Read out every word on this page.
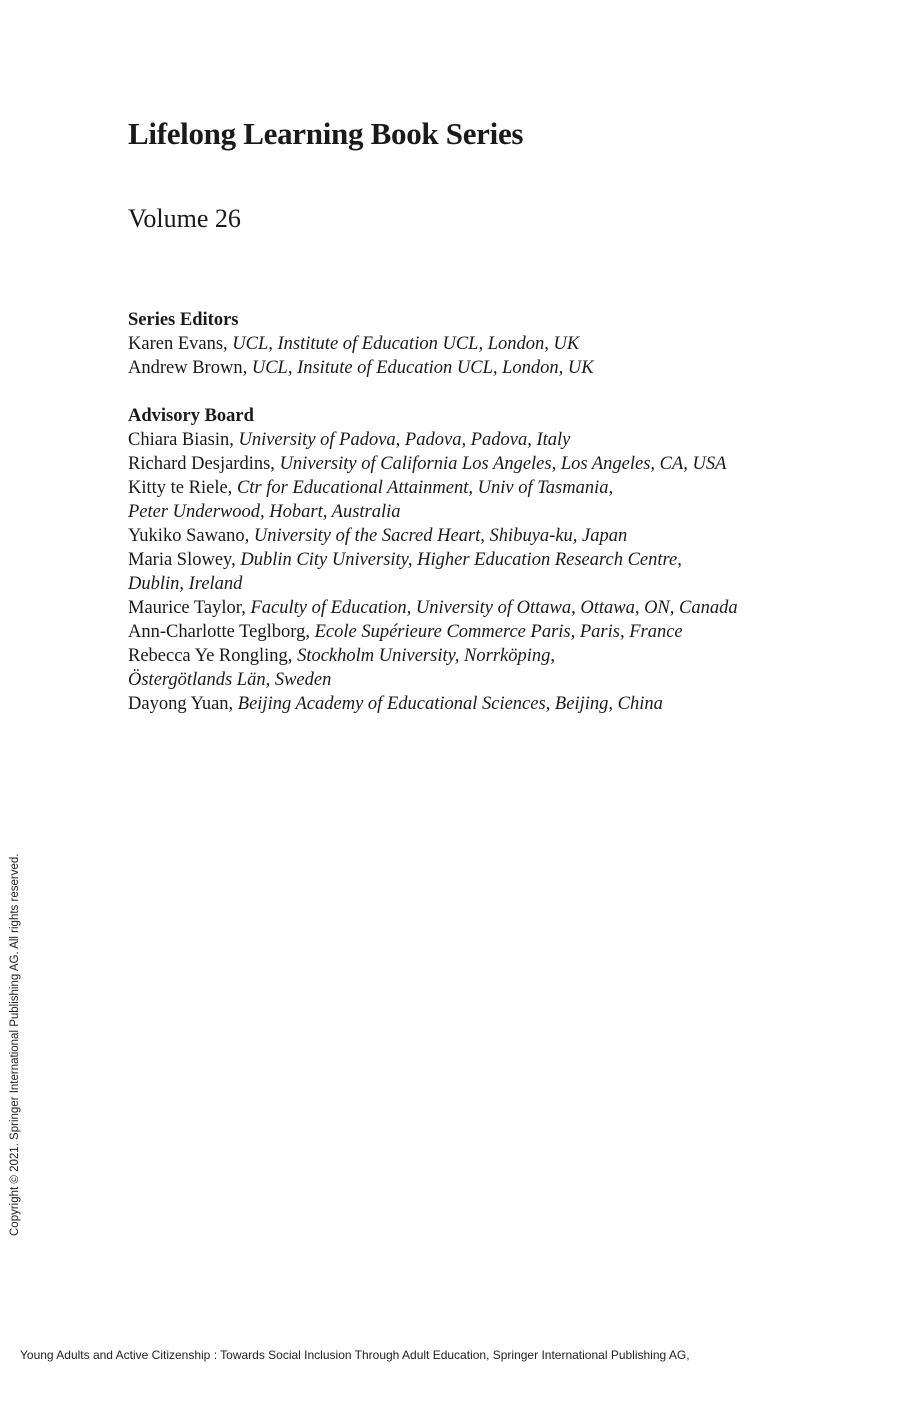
Lifelong Learning Book Series
Volume 26
Series Editors
Karen Evans, UCL, Institute of Education UCL, London, UK
Andrew Brown, UCL, Insitute of Education UCL, London, UK
Advisory Board
Chiara Biasin, University of Padova, Padova, Padova, Italy
Richard Desjardins, University of California Los Angeles, Los Angeles, CA, USA
Kitty te Riele, Ctr for Educational Attainment, Univ of Tasmania,
Peter Underwood, Hobart, Australia
Yukiko Sawano, University of the Sacred Heart, Shibuya-ku, Japan
Maria Slowey, Dublin City University, Higher Education Research Centre,
Dublin, Ireland
Maurice Taylor, Faculty of Education, University of Ottawa, Ottawa, ON, Canada
Ann-Charlotte Teglborg, Ecole Supérieure Commerce Paris, Paris, France
Rebecca Ye Rongling, Stockholm University, Norrköping,
Östergötlands Län, Sweden
Dayong Yuan, Beijing Academy of Educational Sciences, Beijing, China
Copyright © 2021. Springer International Publishing AG. All rights reserved.
Young Adults and Active Citizenship : Towards Social Inclusion Through Adult Education, Springer International Publishing AG,
